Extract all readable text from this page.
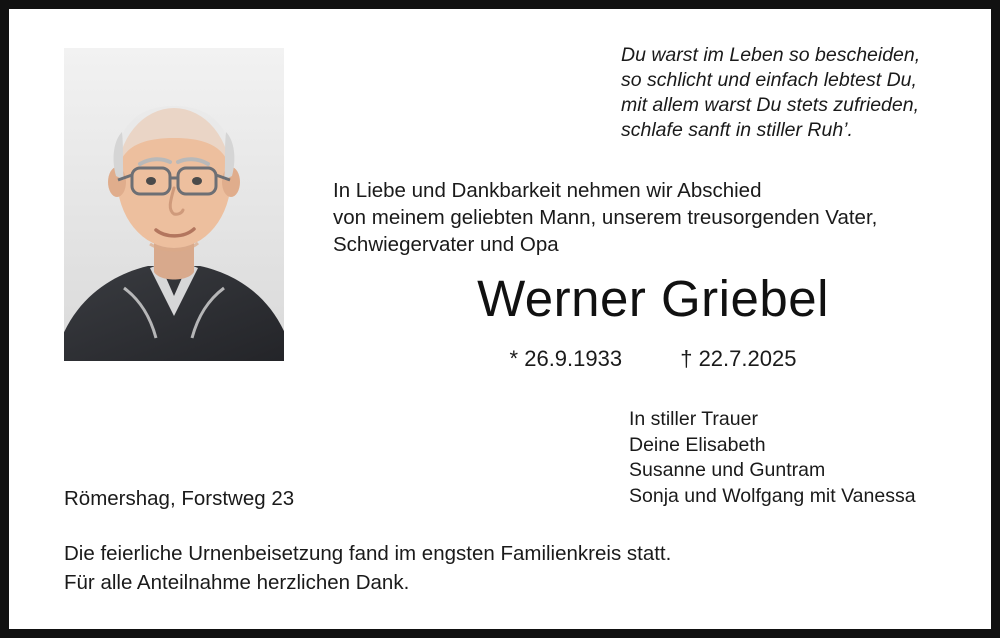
Du warst im Leben so bescheiden,
so schlicht und einfach lebtest Du,
mit allem warst Du stets zufrieden,
schlafe sanft in stiller Ruh’.
In Liebe und Dankbarkeit nehmen wir Abschied
von meinem geliebten Mann, unserem treusorgenden Vater,
Schwiegervater und Opa
Werner Griebel
* 26.9.1933	† 22.7.2025
In stiller Trauer
Deine Elisabeth
Susanne und Guntram
Sonja und Wolfgang mit Vanessa
Römershag, Forstweg 23
Die feierliche Urnenbeisetzung fand im engsten Familienkreis statt.
Für alle Anteilnahme herzlichen Dank.
